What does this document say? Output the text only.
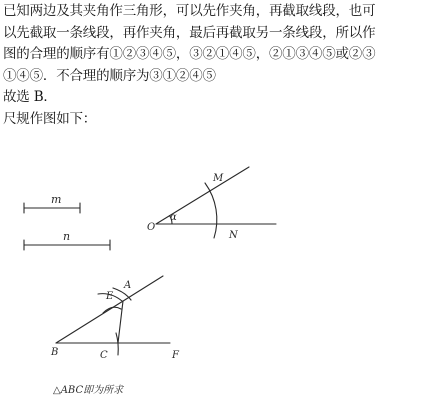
已知两边及其夹角作三角形，可以先作夹角，再截取线段，也可
以先截取一条线段，再作夹角，最后再截取另一条线段，所以作
图的合理的顺序有①②③④⑤，③②①④⑤，②①③④⑤或②③
①④⑤．不合理的顺序为③①②④⑤
故选 B．
尺规作图如下：
m
n
O
α
M
N
B
E
A
C	F
△ABC即为所求
